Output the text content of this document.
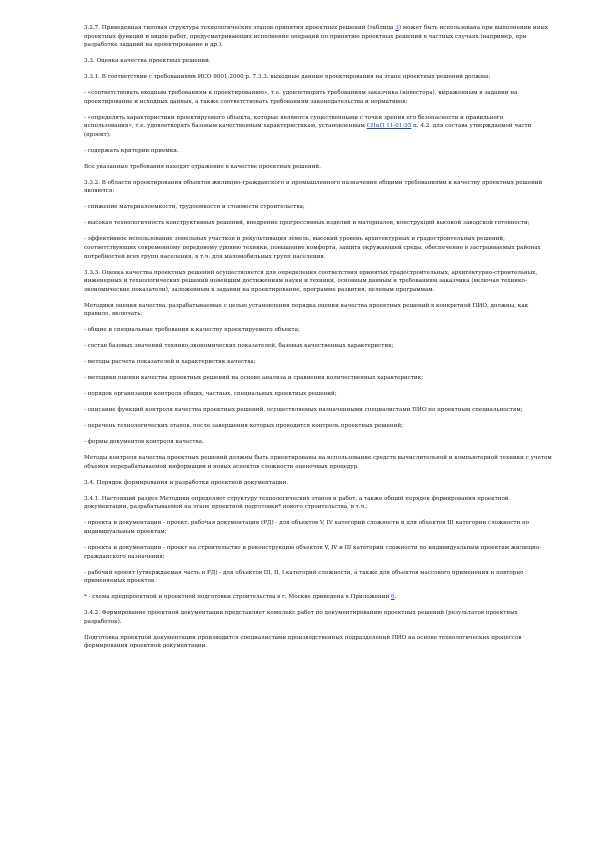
3.2.7. Приведенная типовая структура технологических этапов принятия проектных решений (таблица 3) может быть использована при выполнении иных проектных функций и видов работ, предусматривающих исполнение операций по принятию проектных решений в частных случаях (например, при разработке заданий на проектирование и др.).

3.3. Оценка качества проектных решений.

3.3.1. В соответствии с требованиями ИСО 9001:2000 р. 7.3.3. выходные данные проектирования на этапе проектных решений должны:

- «соответствовать входным требованиям к проектированию», т.е. удовлетворять требованиям заказчика (инвестора), выраженным в задании на проектирование и исходных данных, а также соответствовать требованиям законодательства и нормативов;

- «определять характеристики проектируемого объекта, которые являются существенными с точки зрения его безопасности и правильного использования», т.е. удовлетворять базовым качественным характеристикам, установленным СНиП 11-01-95 п. 4.2. для состава утверждаемой части (проект);

- содержать критерии приемки.

Все указанные требования находят отражение в качестве проектных решений.

3.3.2. В области проектирования объектов жилищно-гражданского и промышленного назначения общими требованиями к качеству проектных решений являются:

- снижение материалоемкости, трудоемкости и стоимости строительства;

- высокая технологичность конструктивных решений, внедрение прогрессивных изделий и материалов, конструкций высокой заводской готовности;

- эффективное использование земельных участков и рекультивация земель, высокий уровень архитектурных и градостроительных решений, соответствующих современному передовому уровню техники, повышение комфорта, защита окружающей среды, обеспечение в застраиваемых районах потребностей всех групп населения, в т.ч. для маломобильных групп населения.

3.3.3. Оценка качества проектных решений осуществляется для определения соответствия принятых градостроительных, архитектурно-строительных, инженерных и технологических решений новейшим достижениям науки и техники, основным данным и требованиям заказчика (включая технико-экономические показатели), заложенным в задании на проектирование, программе развития, целевым программам.

Методики оценки качества, разрабатываемые с целью установления порядка оценки качества проектных решений в конкретной ПИО, должны, как правило, включать:

- общие и специальные требования к качеству проектируемого объекта;

- состав базовых значений технико-экономических показателей, базовых качественных характеристик;

- методы расчета показателей и характеристик качества;

- методики оценки качества проектных решений на основе анализа и сравнения количественных характеристик;

- порядок организации контроля общих, частных, специальных проектных решений;

- описание функций контроля качества проектных решений, осуществляемых назначенными специалистами ПИО по проектным специальностям;

- перечень технологических этапов, после завершения которых проводится контроль проектных решений;

- формы документов контроля качества.

Методы контроля качества проектных решений должны быть ориентированы на использование средств вычислительной и компьютерной техники с учетом объемов перерабатываемой информации и новых аспектов сложности оценочных процедур.

3.4. Порядок формирования и разработки проектной документации.

3.4.1. Настоящий раздел Методики определяет структуру технологических этапов и работ, а также общий порядок формирования проектной документации, разрабатываемой на этапе проектной подготовки* нового строительства, в т.ч.:

- проекта и документации - проект, рабочая документация (РД) - для объектов V, IV категорий сложности и для объектов III категории сложности по индивидуальным проектам;

- проекта и документации - проект на строительство и реконструкцию объектов V, IV и III категории сложности по индивидуальным проектам жилищно-гражданского назначения;

- рабочий проект (утверждаемая часть и РД) - для объектов III, II, I категорий сложности, а также для объектов массового применения и повторно применяемых проектов.

* - схема предпроектной и проектной подготовки строительства в г. Москве приведена в Приложении 6.

3.4.2. Формирование проектной документации представляет комплекс работ по документированию проектных решений (результатов проектных разработок).

Подготовка проектной документации производится специалистами производственных подразделений ПИО на основе технологических процессов формирования проектной документации.
